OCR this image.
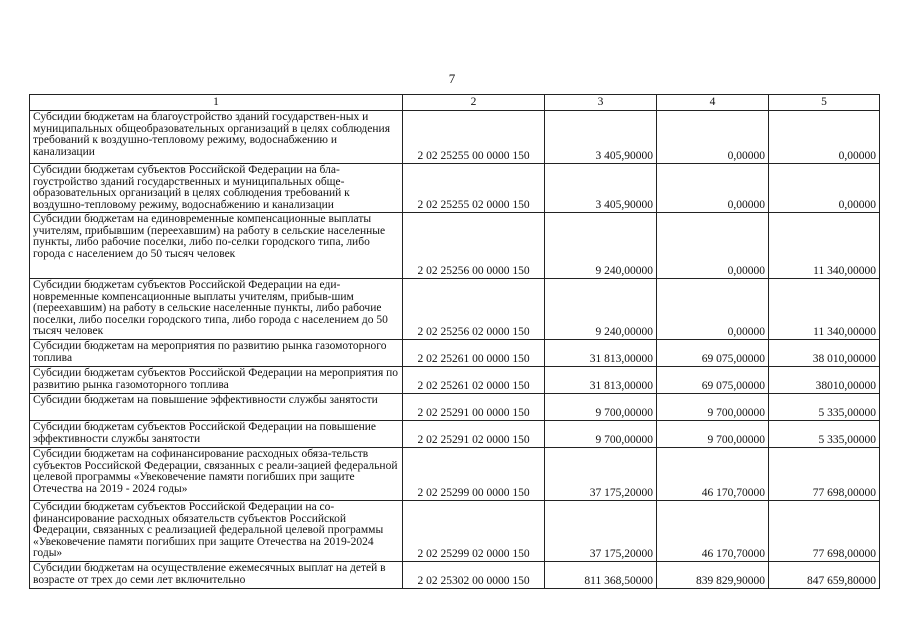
7
1	2	3	4	5
Субсидии бюджетам на благоустройство зданий государствен-ных и муниципальных общеобразовательных организаций в целях соблюдения требований к воздушно-тепловому режиму, водоснабжению и канализации	2 02 25255 00 0000 150	3 405,90000	0,00000	0,00000
Субсидии бюджетам субъектов Российской Федерации на бла-гоустройство зданий государственных и муниципальных обще-образовательных организаций в целях соблюдения требований к воздушно-тепловому режиму, водоснабжению и канализации	2 02 25255 02 0000 150	3 405,90000	0,00000	0,00000
Субсидии бюджетам на единовременные компенсационные выплаты учителям, прибывшим (переехавшим) на работу в сельские населенные пункты, либо рабочие поселки, либо по-селки городского типа, либо города с населением до 50 тысяч человек	2 02 25256 00 0000 150	9 240,00000	0,00000	11 340,00000
Субсидии бюджетам субъектов Российской Федерации на еди-новременные компенсационные выплаты учителям, прибыв-шим (переехавшим) на работу в сельские населенные пункты, либо рабочие поселки, либо поселки городского типа, либо города с населением до 50 тысяч человек	2 02 25256 02 0000 150	9 240,00000	0,00000	11 340,00000
Субсидии бюджетам на мероприятия по развитию рынка газомоторного топлива	2 02 25261 00 0000 150	31 813,00000	69 075,00000	38 010,00000
Субсидии бюджетам субъектов Российской Федерации на мероприятия по развитию рынка газомоторного топлива	2 02 25261 02 0000 150	31 813,00000	69 075,00000	38010,00000
Субсидии бюджетам на повышение эффективности службы занятости	2 02 25291 00 0000 150	9 700,00000	9 700,00000	5 335,00000
Субсидии бюджетам субъектов Российской Федерации на повышение эффективности службы занятости	2 02 25291 02 0000 150	9 700,00000	9 700,00000	5 335,00000
Субсидии бюджетам на софинансирование расходных обяза-тельств субъектов Российской Федерации, связанных с реали-зацией федеральной целевой программы «Увековечение памяти погибших при защите Отечества на 2019 - 2024 годы»	2 02 25299 00 0000 150	37 175,20000	46 170,70000	77 698,00000
Субсидии бюджетам субъектов Российской Федерации на со-финансирование расходных обязательств субъектов Российской Федерации, связанных с реализацией федеральной целевой программы «Увековечение памяти погибших при защите Отечества на 2019-2024 годы»	2 02 25299 02 0000 150	37 175,20000	46 170,70000	77 698,00000
Субсидии бюджетам на осуществление ежемесячных выплат на детей в возрасте от трех до семи лет включительно	2 02 25302 00 0000 150	811 368,50000	839 829,90000	847 659,80000
